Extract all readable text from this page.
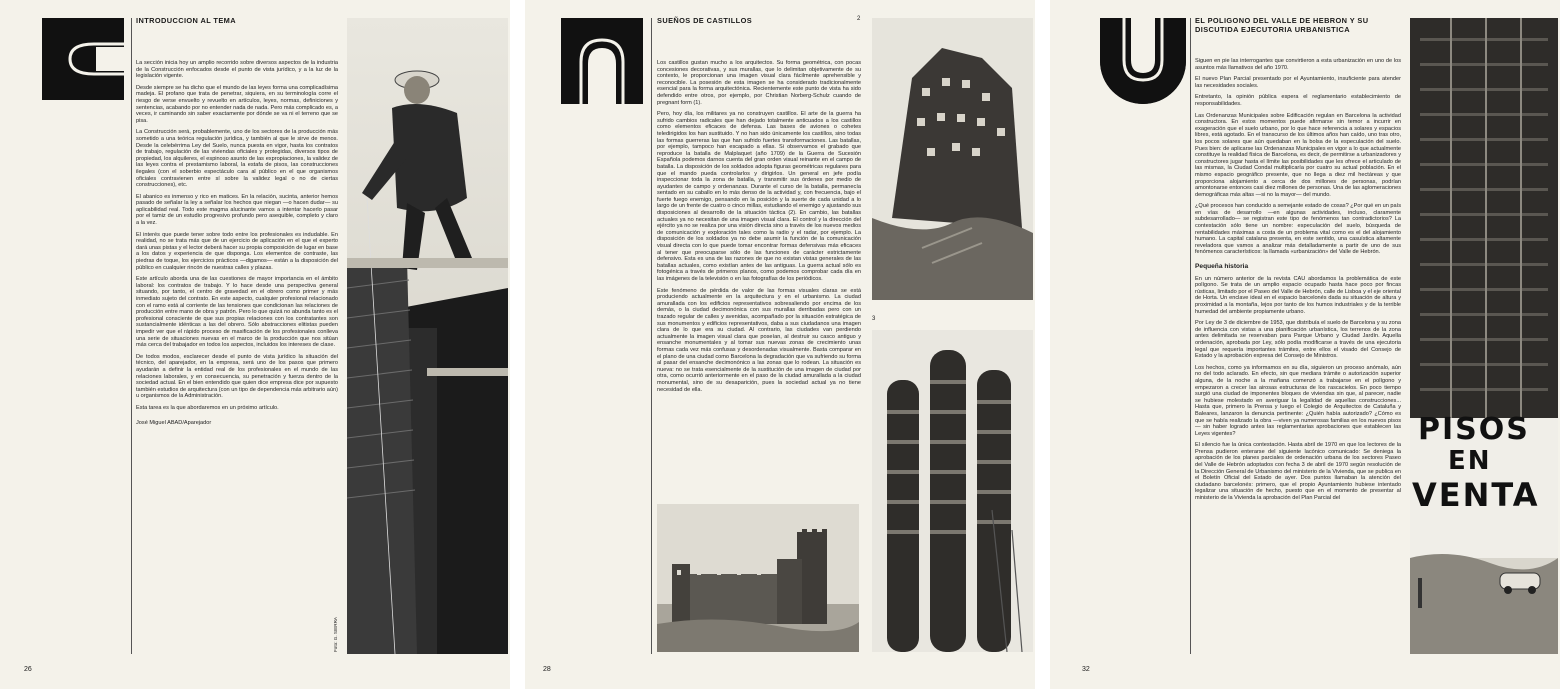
INTRODUCCION AL TEMA

La sección inicia hoy un amplio recorrido sobre diversos aspectos de la industria de la Construcción enfocados desde el punto de vista jurídico, y a la luz de la legislación vigente.

Desde siempre se ha dicho que el mundo de las leyes forma una complicadísima madeja. El profano que trata de penetrar, siquiera, en su terminología corre el riesgo de verse envuelto y revuelto en artículos, leyes, normas, definiciones y sentencias, acabando por no entender nada de nada. Pero más complicado es, a veces, ir caminando sin saber exactamente por dónde se va ni el terreno que se pisa.

La Construcción será, probablemente, uno de los sectores de la producción más sometido a una teórica regulación jurídica, y también al que le sirve de menos. Desde la celebérrima Ley del Suelo, nunca puesta en vigor, hasta los contratos de trabajo, regulación de las viviendas oficiales y protegidas, diversos tipos de propiedad, los alquileres, el espinoso asunto de las expropiaciones, la validez de las leyes contra el prestamismo laboral, la estafa de pisos, las construcciones ilegales (con el soberbio espectáculo cara al público en el que organismos oficiales contravienen entre sí sobre la validez legal o no de ciertas construcciones), etc.

El abanico es inmenso y rico en matices. En la relación, sucinta, anterior hemos pasado de señalar la ley a señalar los hechos que niegan —o hacen dudar— su aplicabilidad real. Todo este magma alucinante vamos a intentar hacerlo pasar por el tamiz de un estudio progresivo profundo pero asequible, completo y claro a la vez.

El interés que puede tener sobre todo entre los profesionales es indudable. En realidad, no se trata más que de un ejercicio de aplicación en el que el experto dará unas pistas y el lector deberá hacer su propia composición de lugar en base a los datos y experiencia de que disponga. Los elementos de contraste, las piedras de toque, los ejercicios prácticos —digamos— están a la disposición del público en cualquier rincón de nuestras calles y plazas.

Este artículo aborda una de las cuestiones de mayor importancia en el ámbito laboral: los contratos de trabajo. Y lo hace desde una perspectiva general situando, por tanto, el centro de gravedad en el obrero como primer y más inmediato sujeto del contrato. En este aspecto, cualquier profesional relacionado con el ramo está al corriente de las tensiones que condicionan las relaciones de producción entre mano de obra y patrón. Pero lo que quizá no abunda tanto es el profesional consciente de que sus propias relaciones con los contratantes son sustancialmente idénticas a las del obrero. Sólo abstracciones elitistas pueden impedir ver que el rápido proceso de masificación de los profesionales conlleva una serie de situaciones nuevas en el marco de la producción que nos sitúan más cerca del trabajador en todos los aspectos, incluidos los intereses de clase.

De todos modos, esclarecer desde el punto de vista jurídico la situación del técnico, del aparejador, en la empresa, será uno de los pasos que primero ayudarán a definir la entidad real de los profesionales en el mundo de las relaciones laborales, y en consecuencia, su penetración y fuerza dentro de la sociedad actual. En el bien entendido que quien dice empresa dice por supuesto también estudios de arquitectura (con un tipo de dependencia más arbitrario aún) u organismos de la Administración.

Esta tarea es la que abordaremos en un próximo artículo.

José Miguel ABAD/Aparejador

Foto: G. SIERRA
26
SUEÑOS DE CASTILLOS	2

Los castillos gustan mucho a los arquitectos. Su forma geométrica, con pocas concesiones decorativas, y sus murallas, que lo delimitan objetivamente de su contexto, le proporcionan una imagen visual clara fácilmente aprehensible y reconocible. La posesión de esta imagen se ha considerado tradicionalmente esencial para la forma arquitectónica. Recientemente este punto de vista ha sido defendido entre otros, por ejemplo, por Christian Norberg-Schulz cuando de pregnant form (1).

Pero, hoy día, los militares ya no construyen castillos. El arte de la guerra ha sufrido cambios radicales que han dejado totalmente anticuados a los castillos como elementos eficaces de defensa. Las bases de aviones o cohetes teledirigidos los han sustituido. Y no han sido únicamente los castillos, sino todas las formas guerreras las que han sufrido fuertes transformaciones. Las batallas, por ejemplo, tampoco han escapado a ellas. Si observamos el grabado que reproduce la batalla de Malplaquet (año 1709) de la Guerra de Sucesión Española podemos darnos cuenta del gran orden visual reinante en el campo de batalla. La disposición de los soldados adopta figuras geométricas regulares para que el mando pueda controlarlos y dirigirlos. Un general en jefe podía inspeccionar toda la zona de batalla, y transmitir sus órdenes por medio de ayudantes de campo y ordenanzas. Durante el curso de la batalla, permanecía sentado en su caballo en lo más denso de la actividad y, con frecuencia, bajo el fuerte fuego enemigo, pensando en la posición y la suerte de cada unidad a lo largo de un frente de cuatro o cinco millas, estudiando el enemigo y ajustando sus disposiciones al desarrollo de la situación táctica (2). En cambio, las batallas actuales ya no necesitan de una imagen visual clara. El control y la dirección del ejército ya no se realiza por una visión directa sino a través de los nuevos medios de comunicación y exploración tales como la radio y el radar, por ejemplo. La disposición de los soldados ya no debe asumir la función de la comunicación visual directa con lo que puede tomar encontrar formas defensivas más eficaces al tener que preocuparse sólo de las funciones de carácter estrictamente defensivo. Esta es una de las razones de que no existan vistas generales de las batallas actuales, como existían antes de las antiguas. La guerra actual sólo es fotogénica a través de primeros planos, como podemos comprobar cada día en las imágenes de la televisión o en las fotografías de los periódicos.

Este fenómeno de pérdida de valor de las formas visuales claras se está produciendo actualmente en la arquitectura y en el urbanismo. La ciudad amurallada con los edificios representativos sobresaliendo por encima de los demás, o la ciudad decimonónica con sus murallas derribadas pero con un trazado regular de calles y avenidas, acompañado por la situación estratégica de sus monumentos y edificios representativos, daba a sus ciudadanos una imagen clara de lo que era su ciudad. Al contrario, las ciudades van perdiendo actualmente la imagen visual clara que poseían, al destruir su casco antiguo y ensanche monumentales y al tomar sus nuevas zonas de crecimiento unas formas cada vez más confusas y desordenadas visualmente. Basta comparar en el plano de una ciudad como Barcelona la degradación que va sufriendo su forma al pasar del ensanche decimonónico a las zonas que lo rodean. La situación es nueva: no se trata esencialmente de la sustitución de una imagen de ciudad por otra, como ocurrió anteriormente en el paso de la ciudad amurallada a la ciudad monumental, sino de su desaparición, pues la sociedad actual ya no tiene necesidad de ella.

3
28
EL POLIGONO DEL VALLE DE HEBRON Y SU DISCUTIDA EJECUTORIA URBANISTICA

Siguen en pie las interrogantes que convirtieron a esta urbanización en uno de los asuntos más llamativos del año 1970.

El nuevo Plan Parcial presentado por el Ayuntamiento, insuficiente para atender las necesidades sociales.

Entretanto, la opinión pública espera el reglamentario establecimiento de responsabilidades.

Las Ordenanzas Municipales sobre Edificación regulan en Barcelona la actividad constructora. En estos momentos puede afirmarse sin temor a incurrir en exageración que el suelo urbano, por lo que hace referencia a solares y espacios libres, está agotado. En el transcurso de los últimos años han caído, uno tras otro, los pocos solares que aún quedaban en la bolsa de la especulación del suelo. Pues bien: de aplicarse las Ordenanzas Municipales en vigor a lo que actualmente constituye la realidad física de Barcelona, es decir, de permitirse a urbanizadores y constructores jugar hasta el límite las posibilidades que les ofrece el articulado de las mismas, la Ciudad Condal multiplicaría por cuatro su actual población. En el mismo espacio geográfico presente, que no llega a diez mil hectáreas y que proporciona alojamiento a cerca de dos millones de personas, podrían amontonarse entonces casi diez millones de personas. Una de las aglomeraciones demográficas más altas —si no la mayor— del mundo.

¿Qué procesos han conducido a semejante estado de cosas? ¿Por qué en un país en vías de desarrollo —en algunas actividades, incluso, claramente subdesarrollado— se registran este tipo de fenómenos tan contradictorios? La contestación sólo tiene un nombre: especulación del suelo, búsqueda de rentabilidades máximas a costa de un problema vital como es el del alojamiento humano. La capital catalana presenta, en este sentido, una casuística altamente reveladora que vamos a analizar más detalladamente a partir de uno de sus fenómenos característicos: la llamada «urbanización» del Valle de Hebrón.

Pequeña historia

En un número anterior de la revista CAU abordamos la problemática de este polígono. Se trata de un amplio espacio ocupado hasta hace poco por fincas rústicas, limitado por el Paseo del Valle de Hebrón, calle de Lisboa y el eje oriental de Horta. Un enclave ideal en el espacio barcelonés dada su situación de altura y proximidad a la montaña, lejos por tanto de los humos industriales y de la terrible humedad del ambiente propiamente urbano.

Por Ley de 3 de diciembre de 1953, que distribuía el suelo de Barcelona y su zona de influencia con vistas a una planificación urbanística, los terrenos de la zona antes delimitada se reservaban para Parque Urbano y Ciudad Jardín. Aquella ordenación, aprobada por Ley, sólo podía modificarse a través de una ejecutoria legal que requería importantes trámites, entre ellos el visado del Consejo de Estado y la aprobación expresa del Consejo de Ministros.

Los hechos, como ya informamos en su día, siguieron un proceso anómalo, aún no del todo aclarado. En efecto, sin que mediara trámite o autorización superior alguna, de la noche a la mañana comenzó a trabajarse en el polígono y empezaron a crecer las airosas estructuras de los rascacielos. En poco tiempo surgió una ciudad de imponentes bloques de viviendas sin que, al parecer, nadie se hubiese molestado en averiguar la legalidad de aquellas construcciones... Hasta que, primero la Prensa y luego el Colegio de Arquitectos de Cataluña y Baleares, lanzaron la denuncia pertinente: ¿Quién había autorizado? ¿Cómo es que se había realizado la obra —viven ya numerosas familias en los nuevos pisos— sin haber logrado antes las reglamentarias aprobaciones que establecen las Leyes vigentes?

El silencio fue la única contestación. Hasta abril de 1970 en que los lectores de la Prensa pudieron enterarse del siguiente lacónico comunicado: Se deniega la aprobación de los planes parciales de ordenación urbana de los sectores Paseo del Valle de Hebrón adoptados con fecha 3 de abril de 1970 según resolución de la Dirección General de Urbanismo del ministerio de la Vivienda, que se publica en el Boletín Oficial del Estado de ayer. Dos puntos llamaban la atención del ciudadano barcelonés: primero, que el propio Ayuntamiento hubiese intentado legalizar una situación de hecho, puesto que en el momento de presentar al ministerio de la Vivienda la aprobación del Plan Parcial del

PISOS
EN
VENTA
32
